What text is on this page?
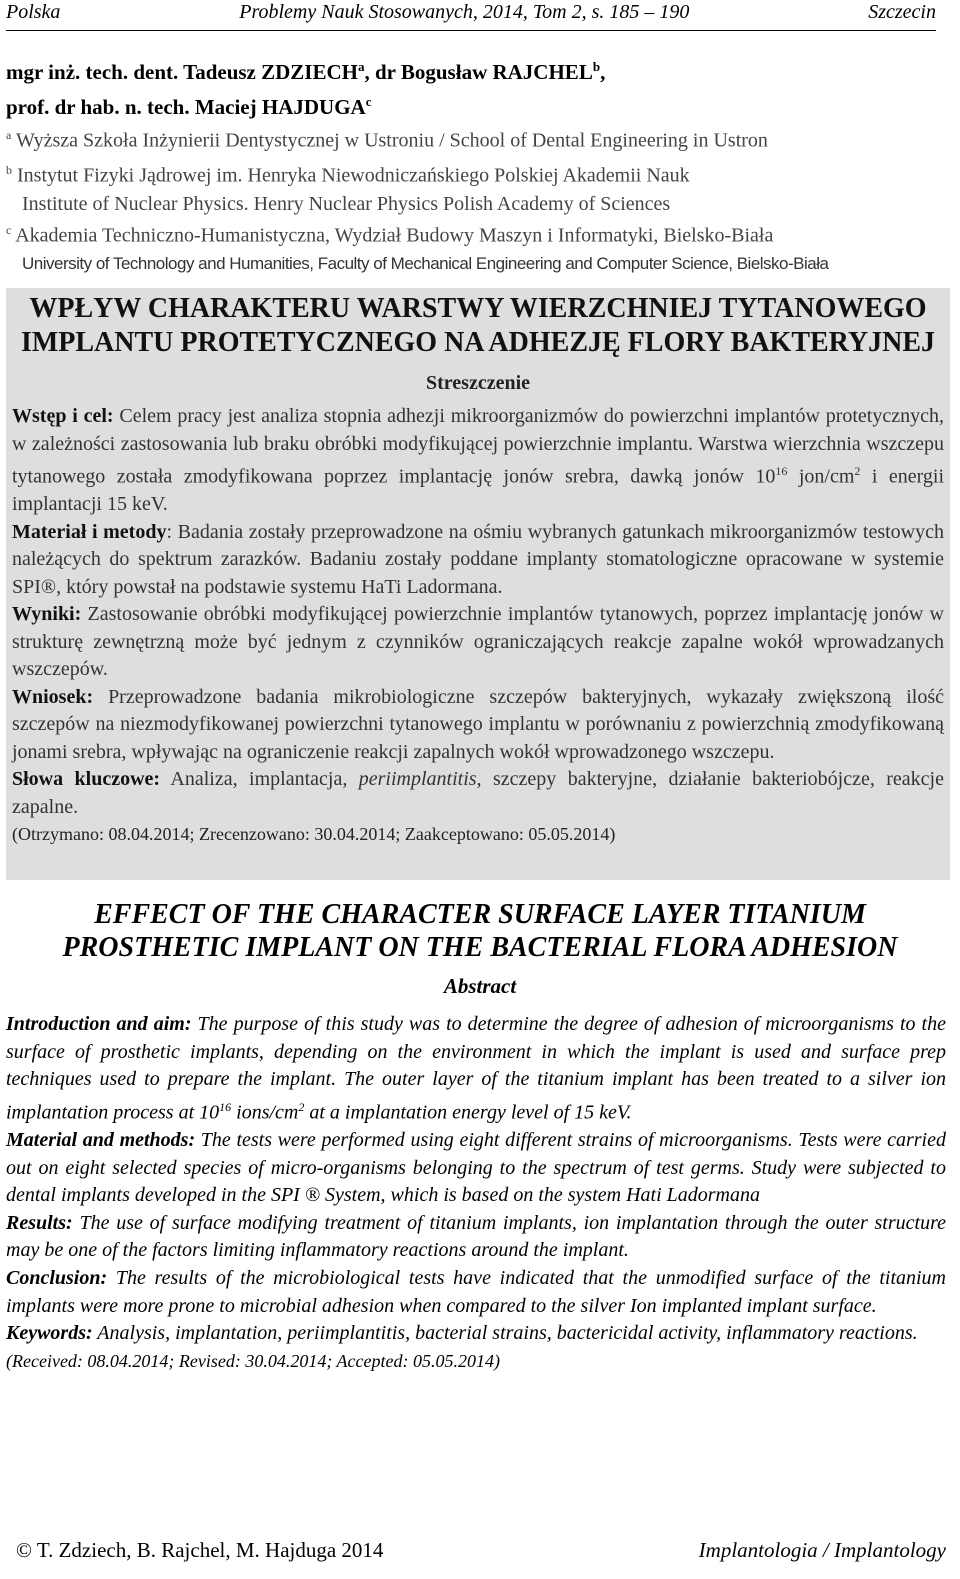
Polska	Problemy Nauk Stosowanych, 2014, Tom 2, s. 185 – 190	Szczecin
mgr inż. tech. dent. Tadeusz ZDZIECH$^a$, dr Bogusław RAJCHEL$^b$,
prof. dr hab. n. tech. Maciej HAJDUGA$^c$
$^a$ Wyższa Szkoła Inżynierii Dentystycznej w Ustroniu / School of Dental Engineering in Ustron
$^b$ Instytut Fizyki Jądrowej im. Henryka Niewodniczańskiego Polskiej Akademii Nauk
Institute of Nuclear Physics. Henry Nuclear Physics Polish Academy of Sciences
$^c$ Akademia Techniczno-Humanistyczna, Wydział Budowy Maszyn i Informatyki, Bielsko-Biała
University of Technology and Humanities, Faculty of Mechanical Engineering and Computer Science, Bielsko-Biała
WPŁYW CHARAKTERU WARSTWY WIERZCHNIEJ TYTANOWEGO
IMPLANTU PROTETYCZNEGO NA ADHEZJĘ FLORY BAKTERYJNEJ
Streszczenie

Wstęp i cel: Celem pracy jest analiza stopnia adhezji mikroorganizmów do powierzchni implantów protetycznych, w zależności zastosowania lub braku obróbki modyfikującej powierzchnie implantu. Warstwa wierzchnia wszczepu tytanowego została zmodyfikowana poprzez implantację jonów srebra, dawką jonów $10^{16}$ jon/$cm^2$ i energii implantacji 15 keV.

Materiał i metody: Badania zostały przeprowadzone na ośmiu wybranych gatunkach mikroorganizmów testowych należących do spektrum zarazków. Badaniu zostały poddane implanty stomatologiczne opracowane w systemie SPI®, który powstał na podstawie systemu HaTi Ladormana.

Wyniki: Zastosowanie obróbki modyfikującej powierzchnie implantów tytanowych, poprzez implantację jonów w strukturę zewnętrzną może być jednym z czynników ograniczających reakcje zapalne wokół wprowadzanych wszczepów.

Wniosek: Przeprowadzone badania mikrobiologiczne szczepów bakteryjnych, wykazały zwiększoną ilość szczepów na niezmodyfikowanej powierzchni tytanowego implantu w porównaniu z powierzchnią zmodyfikowaną jonami srebra, wpływając na ograniczenie reakcji zapalnych wokół wprowadzonego wszczepu.

Słowa kluczowe: Analiza, implantacja, periimplantitis, szczepy bakteryjne, działanie bakteriobójcze, reakcje zapalne.

(Otrzymano: 08.04.2014; Zrecenzowano: 30.04.2014; Zaakceptowano: 05.05.2014)

EFFECT OF THE CHARACTER SURFACE LAYER TITANIUM
PROSTHETIC IMPLANT ON THE BACTERIAL FLORA ADHESION
Abstract

Introduction and aim: The purpose of this study was to determine the degree of adhesion of microorganisms to the surface of prosthetic implants, depending on the environment in which the implant is used and surface prep techniques used to prepare the implant. The outer layer of the titanium implant has been treated to a silver ion implantation process at $10^{16}$ ions/$cm^2$ at a implantation energy level of 15 keV.

Material and methods: The tests were performed using eight different strains of microorganisms. Tests were carried out on eight selected species of micro-organisms belonging to the spectrum of test germs. Study were subjected to dental implants developed in the SPI ® System, which is based on the system Hati Ladormana

Results: The use of surface modifying treatment of titanium implants, ion implantation through the outer structure may be one of the factors limiting inflammatory reactions around the implant.

Conclusion: The results of the microbiological tests have indicated that the unmodified surface of the titanium implants were more prone to microbial adhesion when compared to the silver Ion implanted implant surface.

Keywords: Analysis, implantation, periimplantitis, bacterial strains, bactericidal activity, inflammatory reactions.

(Received: 08.04.2014; Revised: 30.04.2014; Accepted: 05.05.2014)

© T. Zdziech, B. Rajchel, M. Hajduga 2014	Implantologia / Implantology
